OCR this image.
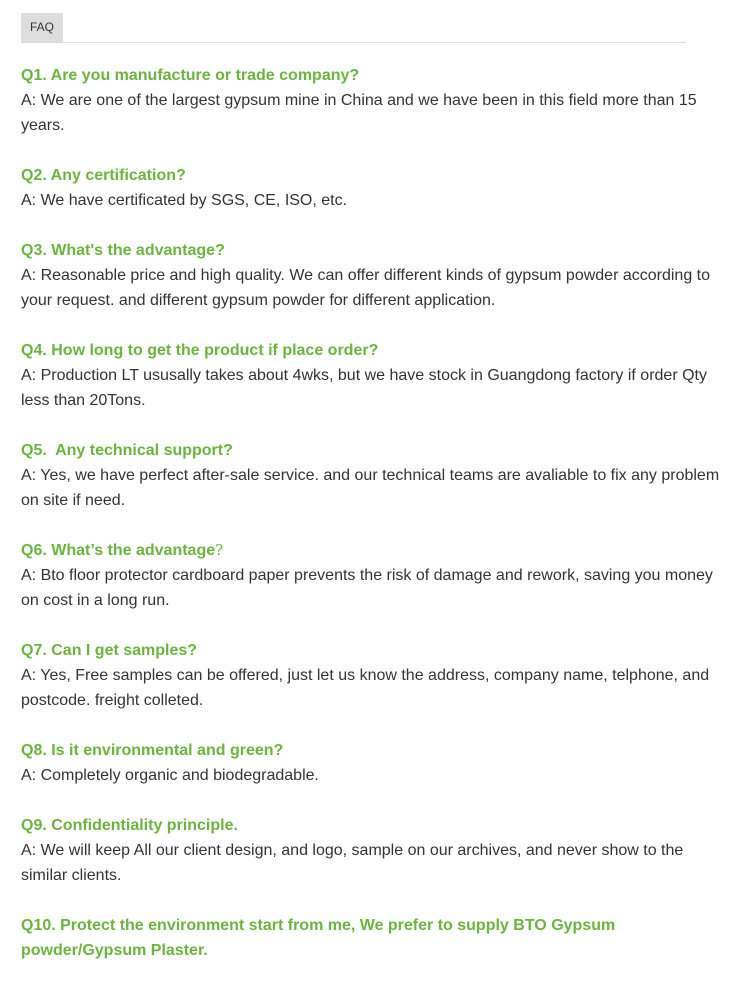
FAQ

Q1. Are you manufacture or trade company?

A: We are one of the largest gypsum mine in China and we have been in this field more than 15 years.

Q2. Any certification?

A: We have certificated by SGS, CE, ISO, etc.

Q3. What's the advantage?

A: Reasonable price and high quality. We can offer different kinds of gypsum powder according to your request. and different gypsum powder for different application.

Q4. How long to get the product if place order?

A: Production LT ususally takes about 4wks, but we have stock in Guangdong factory if order Qty less than 20Tons.

Q5.  Any technical support?

A: Yes, we have perfect after-sale service. and our technical teams are avaliable to fix any problem on site if need.

Q6. What’s the advantage?

A: Bto floor protector cardboard paper prevents the risk of damage and rework, saving you money on cost in a long run.

Q7. Can I get samples?

A: Yes, Free samples can be offered, just let us know the address, company name, telphone, and postcode. freight colleted.

Q8. Is it environmental and green?

A: Completely organic and biodegradable.

Q9. Confidentiality principle.

A: We will keep All our client design, and logo, sample on our archives, and never show to the similar clients.

Q10. Protect the environment start from me, We prefer to supply BTO Gypsum powder/Gypsum Plaster.
